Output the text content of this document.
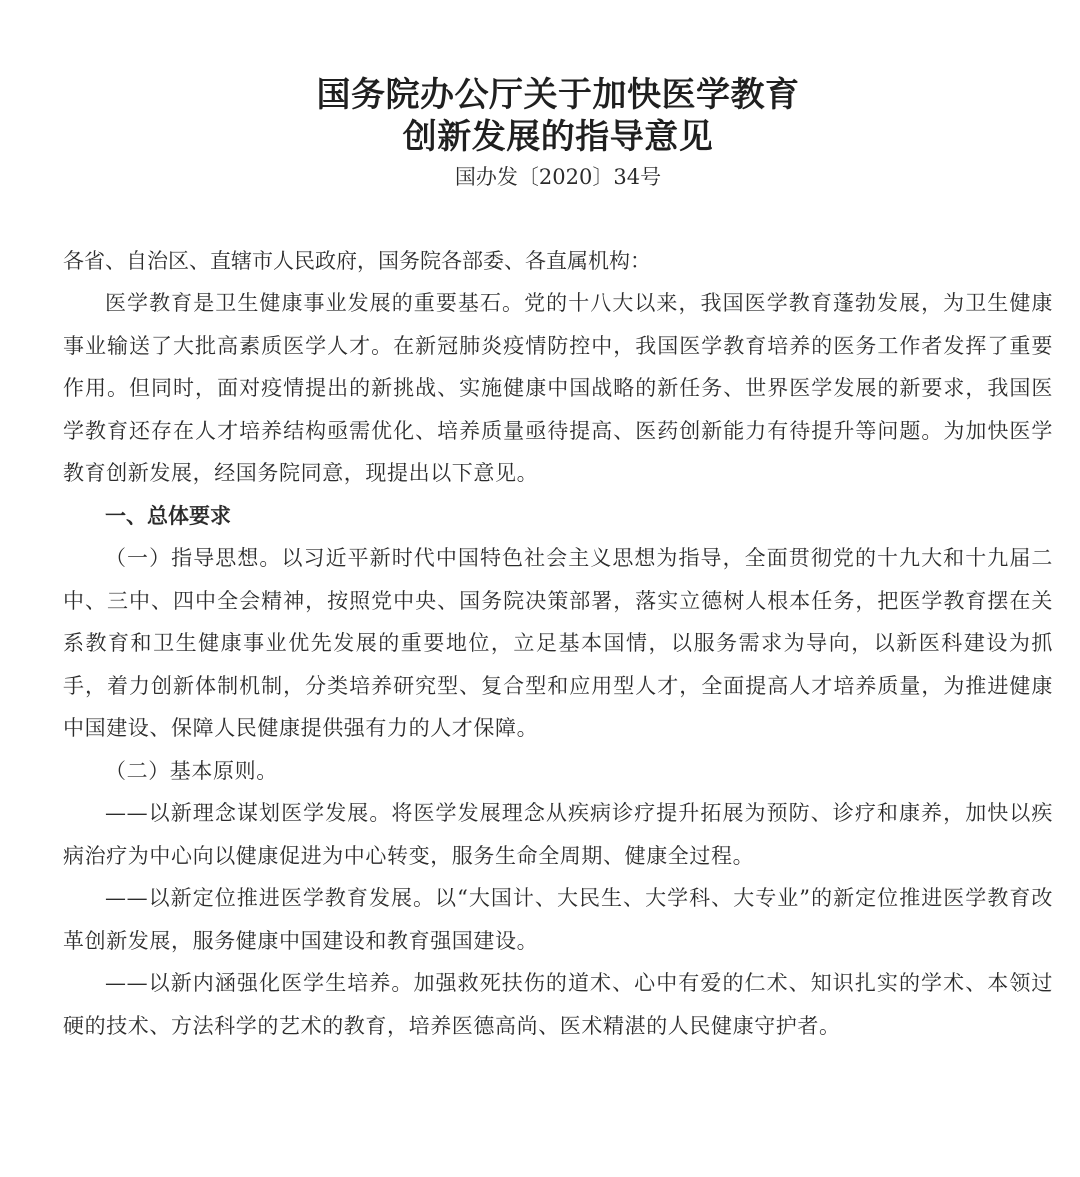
国务院办公厅关于加快医学教育
创新发展的指导意见
国办发〔2020〕34号
各省、自治区、直辖市人民政府，国务院各部委、各直属机构：

医学教育是卫生健康事业发展的重要基石。党的十八大以来，我国医学教育蓬勃发展，为卫生健康事业输送了大批高素质医学人才。在新冠肺炎疫情防控中，我国医学教育培养的医务工作者发挥了重要作用。但同时，面对疫情提出的新挑战、实施健康中国战略的新任务、世界医学发展的新要求，我国医学教育还存在人才培养结构亟需优化、培养质量亟待提高、医药创新能力有待提升等问题。为加快医学教育创新发展，经国务院同意，现提出以下意见。

一、总体要求

（一）指导思想。以习近平新时代中国特色社会主义思想为指导，全面贯彻党的十九大和十九届二中、三中、四中全会精神，按照党中央、国务院决策部署，落实立德树人根本任务，把医学教育摆在关系教育和卫生健康事业优先发展的重要地位，立足基本国情，以服务需求为导向，以新医科建设为抓手，着力创新体制机制，分类培养研究型、复合型和应用型人才，全面提高人才培养质量，为推进健康中国建设、保障人民健康提供强有力的人才保障。

（二）基本原则。

——以新理念谋划医学发展。将医学发展理念从疾病诊疗提升拓展为预防、诊疗和康养，加快以疾病治疗为中心向以健康促进为中心转变，服务生命全周期、健康全过程。

——以新定位推进医学教育发展。以“大国计、大民生、大学科、大专业”的新定位推进医学教育改革创新发展，服务健康中国建设和教育强国建设。

——以新内涵强化医学生培养。加强救死扶伤的道术、心中有爱的仁术、知识扎实的学术、本领过硬的技术、方法科学的艺术的教育，培养医德高尚、医术精湛的人民健康守护者。
